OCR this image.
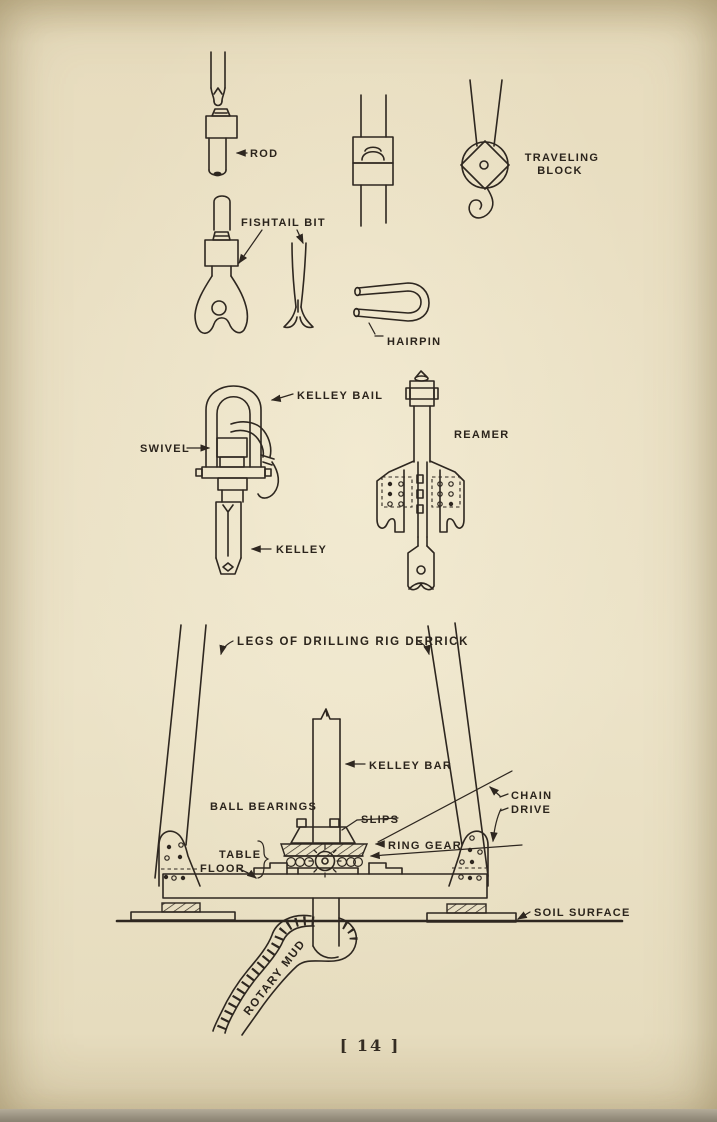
ROD	TRAVELING
BLOCK
FISHTAIL BIT
HAIRPIN
KELLEY BAIL
SWIVEL
KELLEY
REAMER
LEGS OF DRILLING RIG DERRICK
KELLEY BAR
BALL BEARINGS
SLIPS
RING GEAR
TABLE
FLOOR
CHAIN
DRIVE
SOIL SURFACE
ROTARY MUD
[ 14 ]
